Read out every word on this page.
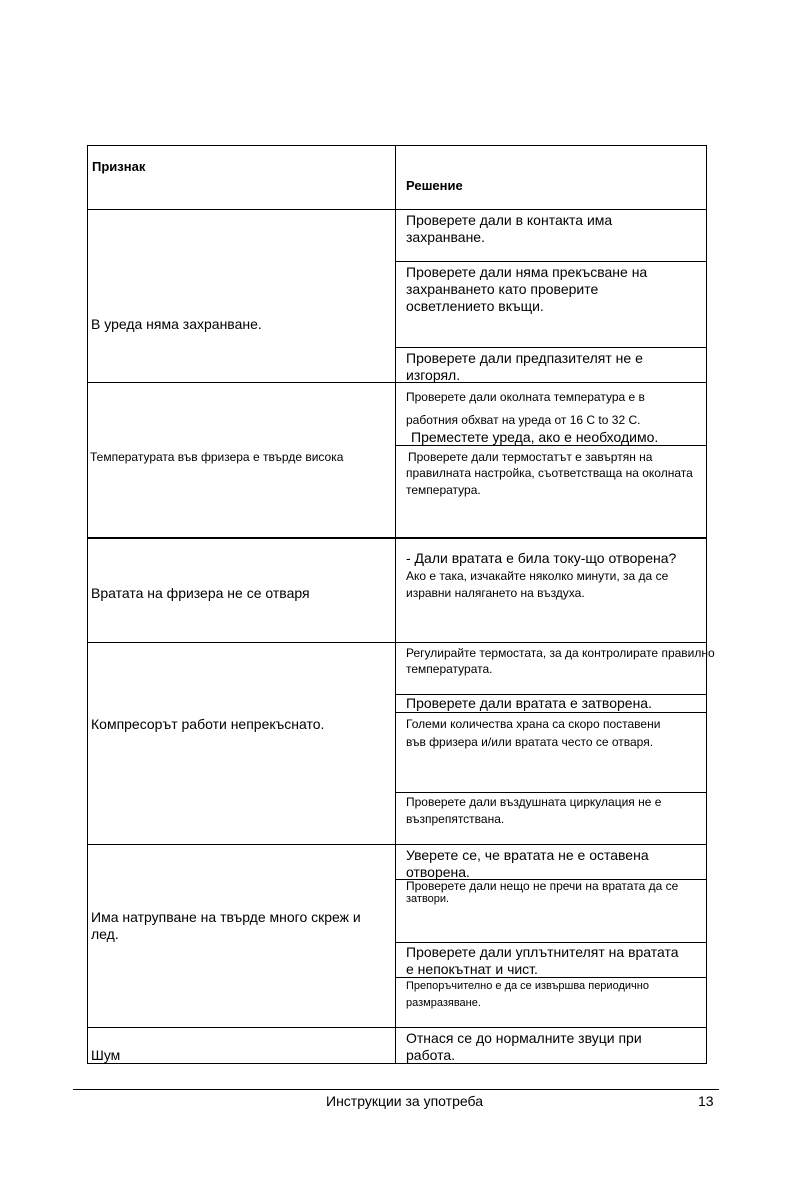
Признак
Решение
В уреда няма захранване.
Проверете дали в контакта има
захранване.
Проверете дали няма прекъсване на
захранването като проверите
осветлението вкъщи.
Проверете дали предпазителят не е
изгорял.
Температурата във фризера е твърде висока
Проверете дали околната температура е в
работния обхват на уреда от 16 C to 32 C.
Преместете уреда, ако е необходимо.
Проверете дали термостатът е завъртян на
правилната настройка, съответстваща на околната
температура.
Вратата на фризера не се отваря
- Дали вратата е била току-що отворена?
Ако е така, изчакайте няколко минути, за да се
изравни налягането на въздуха.
Компресорът работи непрекъснато.
Регулирайте термостата, за да контролирате правилно
температурата.
Проверете дали вратата е затворена.
Големи количества храна са скоро поставени
във фризера и/или вратата често се отваря.
Проверете дали въздушната циркулация не е
възпрепятствана.
Има натрупване на твърде много скреж и
лед.
Уверете се, че вратата не е оставена
отворена.
Проверете дали нещо не пречи на вратата да се
затвори.
Проверете дали уплътнителят на вратата
е непокътнат и чист.
Препоръчително е да се извършва периодично
размразяване.
Шум
Отнася се до нормалните звуци при
работа.
Инструкции за употреба	13
